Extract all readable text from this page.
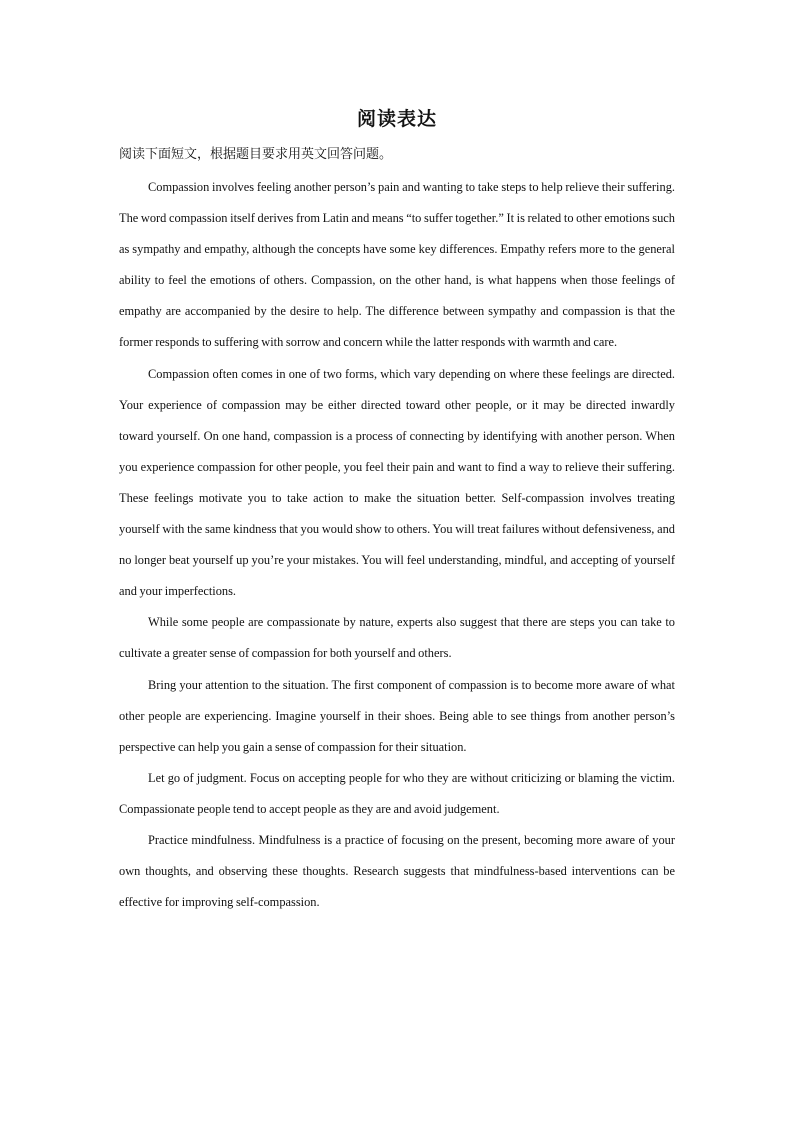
阅读表达

阅读下面短文，根据题目要求用英文回答问题。

Compassion involves feeling another person’s pain and wanting to take steps to help relieve their suffering. The word compassion itself derives from Latin and means “to suffer together.” It is related to other emotions such as sympathy and empathy, although the concepts have some key differences. Empathy refers more to the general ability to feel the emotions of others. Compassion, on the other hand, is what happens when those feelings of empathy are accompanied by the desire to help. The difference between sympathy and compassion is that the former responds to suffering with sorrow and concern while the latter responds with warmth and care.

Compassion often comes in one of two forms, which vary depending on where these feelings are directed. Your experience of compassion may be either directed toward other people, or it may be directed inwardly toward yourself. On one hand, compassion is a process of connecting by identifying with another person. When you experience compassion for other people, you feel their pain and want to find a way to relieve their suffering. These feelings motivate you to take action to make the situation better. Self-compassion involves treating yourself with the same kindness that you would show to others. You will treat failures without defensiveness, and no longer beat yourself up you’re your mistakes. You will feel understanding, mindful, and accepting of yourself and your imperfections.

While some people are compassionate by nature, experts also suggest that there are steps you can take to cultivate a greater sense of compassion for both yourself and others.

Bring your attention to the situation. The first component of compassion is to become more aware of what other people are experiencing. Imagine yourself in their shoes. Being able to see things from another person’s perspective can help you gain a sense of compassion for their situation.

Let go of judgment. Focus on accepting people for who they are without criticizing or blaming the victim. Compassionate people tend to accept people as they are and avoid judgement.

Practice mindfulness. Mindfulness is a practice of focusing on the present, becoming more aware of your own thoughts, and observing these thoughts. Research suggests that mindfulness-based interventions can be effective for improving self-compassion.
